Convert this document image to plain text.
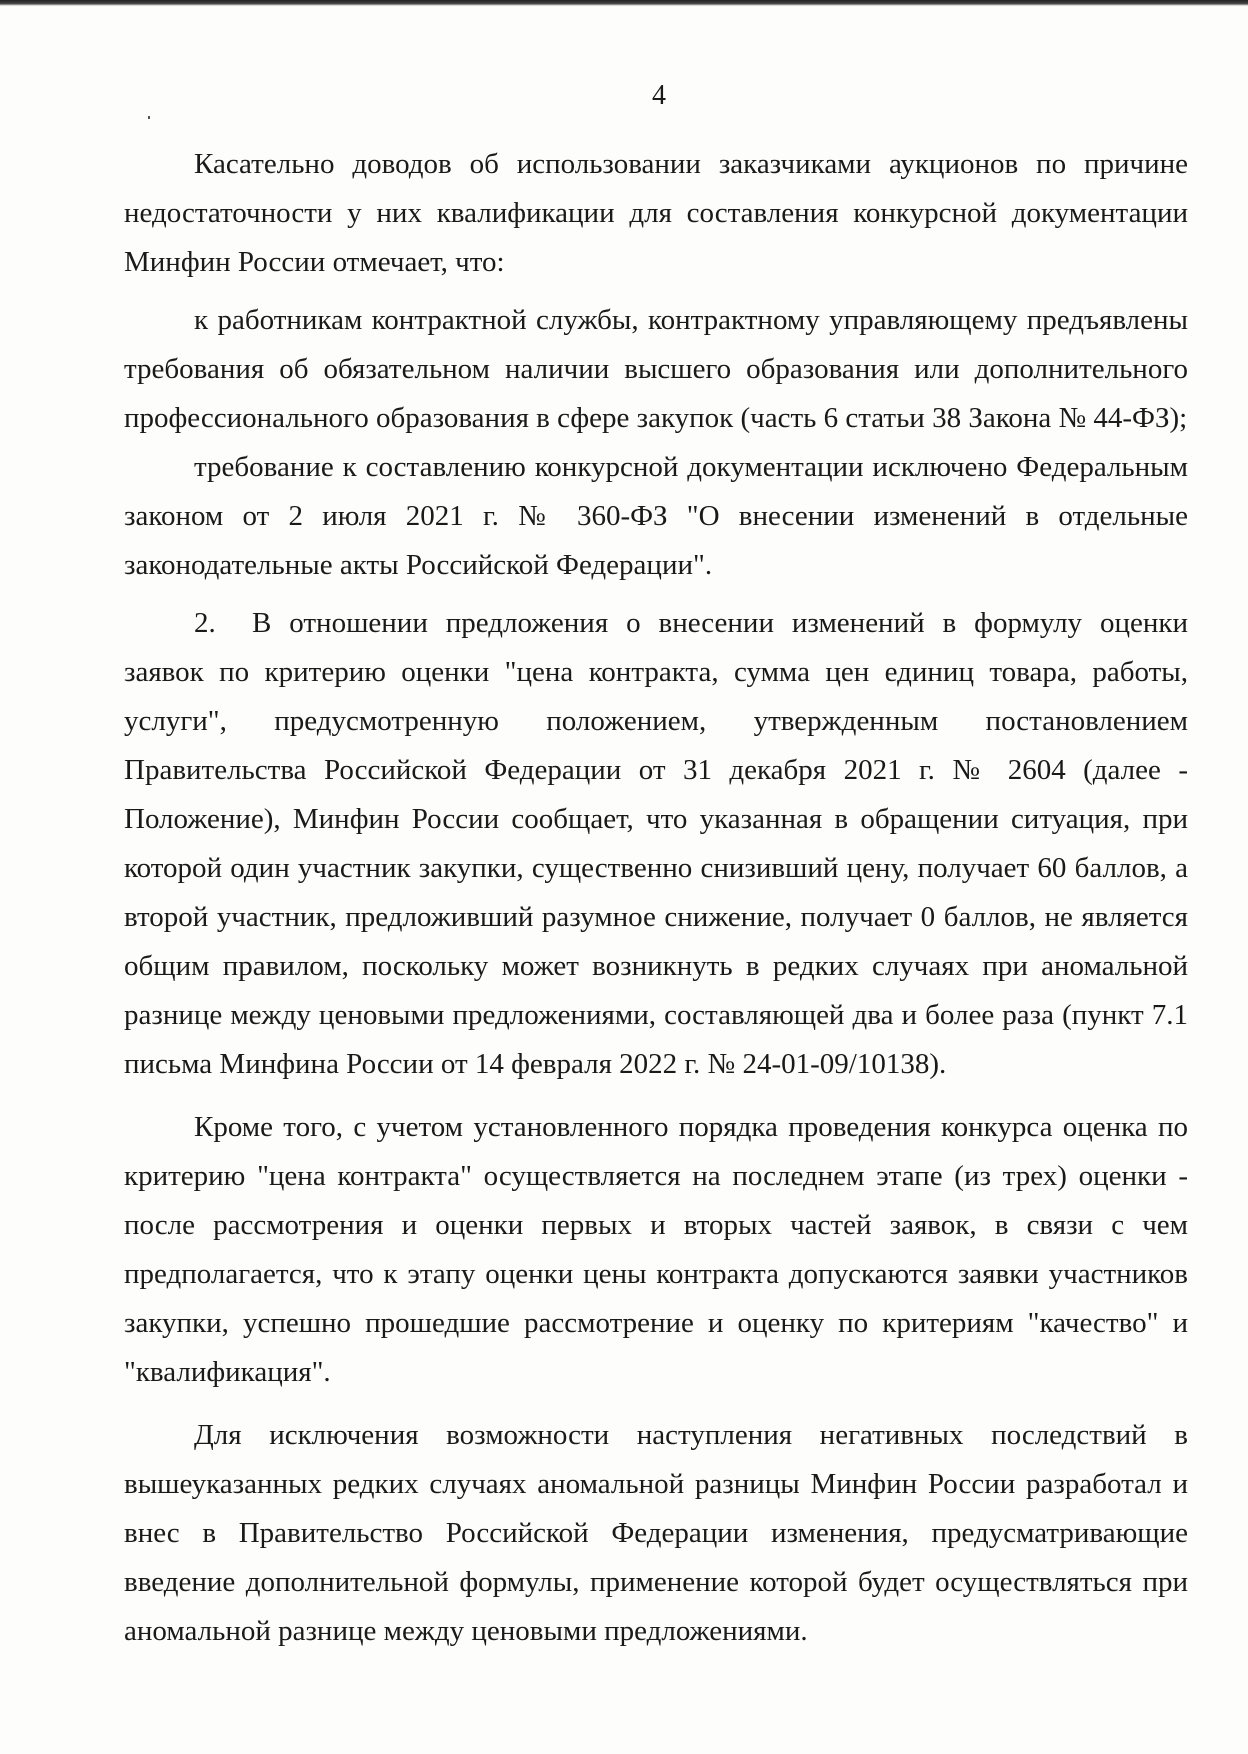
4

Касательно доводов об использовании заказчиками аукционов по причине недостаточности у них квалификации для составления конкурсной документации Минфин России отмечает, что:

к работникам контрактной службы, контрактному управляющему предъявлены требования об обязательном наличии высшего образования или дополнительного профессионального образования в сфере закупок (часть 6 статьи 38 Закона № 44-ФЗ);

требование к составлению конкурсной документации исключено Федеральным законом от 2 июля 2021 г. № 360-ФЗ "О внесении изменений в отдельные законодательные акты Российской Федерации".

2. В отношении предложения о внесении изменений в формулу оценки заявок по критерию оценки "цена контракта, сумма цен единиц товара, работы, услуги", предусмотренную положением, утвержденным постановлением Правительства Российской Федерации от 31 декабря 2021 г. № 2604 (далее - Положение), Минфин России сообщает, что указанная в обращении ситуация, при которой один участник закупки, существенно снизивший цену, получает 60 баллов, а второй участник, предложивший разумное снижение, получает 0 баллов, не является общим правилом, поскольку может возникнуть в редких случаях при аномальной разнице между ценовыми предложениями, составляющей два и более раза (пункт 7.1 письма Минфина России от 14 февраля 2022 г. № 24-01-09/10138).

Кроме того, с учетом установленного порядка проведения конкурса оценка по критерию "цена контракта" осуществляется на последнем этапе (из трех) оценки - после рассмотрения и оценки первых и вторых частей заявок, в связи с чем предполагается, что к этапу оценки цены контракта допускаются заявки участников закупки, успешно прошедшие рассмотрение и оценку по критериям "качество" и "квалификация".

Для исключения возможности наступления негативных последствий в вышеуказанных редких случаях аномальной разницы Минфин России разработал и внес в Правительство Российской Федерации изменения, предусматривающие введение дополнительной формулы, применение которой будет осуществляться при аномальной разнице между ценовыми предложениями.
